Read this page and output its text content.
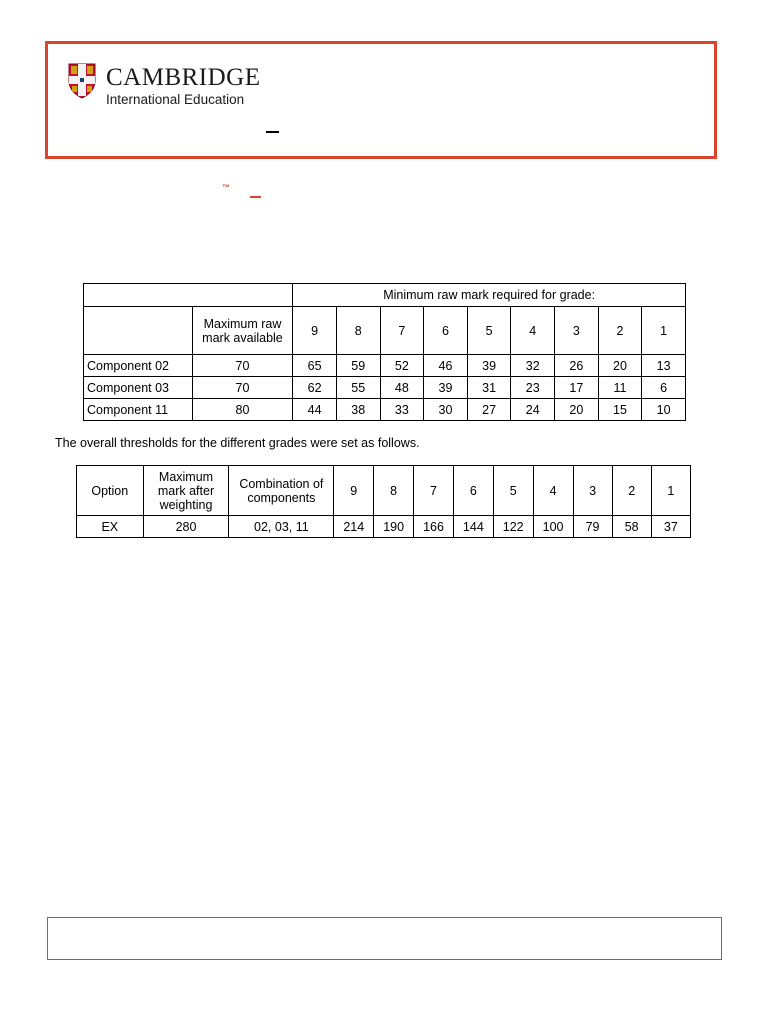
CAMBRIDGE
International Education
™
		Minimum raw mark required for grade:								
	Maximum raw mark available	9	8	7	6	5	4	3	2	1
Component 02	70	65	59	52	46	39	32	26	20	13
Component 03	70	62	55	48	39	31	23	17	11	6
Component 11	80	44	38	33	30	27	24	20	15	10
The overall thresholds for the different grades were set as follows.
Option	Maximum mark after weighting	Combination of components	9	8	7	6	5	4	3	2	1
EX	280	02, 03, 11	214	190	166	144	122	100	79	58	37
